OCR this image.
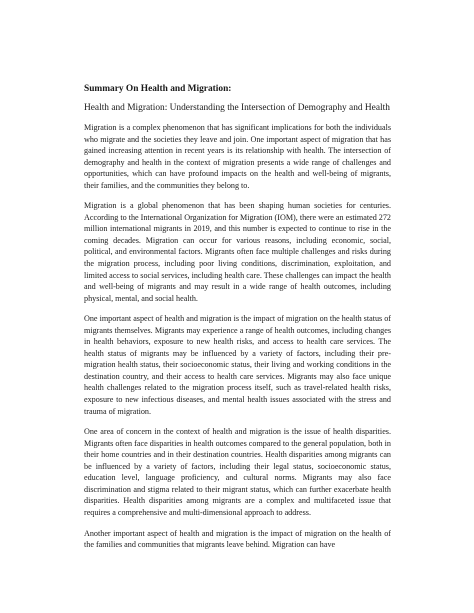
Summary On Health and Migration:
Health and Migration: Understanding the Intersection of Demography and Health

Migration is a complex phenomenon that has significant implications for both the individuals who migrate and the societies they leave and join. One important aspect of migration that has gained increasing attention in recent years is its relationship with health. The intersection of demography and health in the context of migration presents a wide range of challenges and opportunities, which can have profound impacts on the health and well-being of migrants, their families, and the communities they belong to.

Migration is a global phenomenon that has been shaping human societies for centuries. According to the International Organization for Migration (IOM), there were an estimated 272 million international migrants in 2019, and this number is expected to continue to rise in the coming decades. Migration can occur for various reasons, including economic, social, political, and environmental factors. Migrants often face multiple challenges and risks during the migration process, including poor living conditions, discrimination, exploitation, and limited access to social services, including health care. These challenges can impact the health and well-being of migrants and may result in a wide range of health outcomes, including physical, mental, and social health.

One important aspect of health and migration is the impact of migration on the health status of migrants themselves. Migrants may experience a range of health outcomes, including changes in health behaviors, exposure to new health risks, and access to health care services. The health status of migrants may be influenced by a variety of factors, including their pre-migration health status, their socioeconomic status, their living and working conditions in the destination country, and their access to health care services. Migrants may also face unique health challenges related to the migration process itself, such as travel-related health risks, exposure to new infectious diseases, and mental health issues associated with the stress and trauma of migration.

One area of concern in the context of health and migration is the issue of health disparities. Migrants often face disparities in health outcomes compared to the general population, both in their home countries and in their destination countries. Health disparities among migrants can be influenced by a variety of factors, including their legal status, socioeconomic status, education level, language proficiency, and cultural norms. Migrants may also face discrimination and stigma related to their migrant status, which can further exacerbate health disparities. Health disparities among migrants are a complex and multifaceted issue that requires a comprehensive and multi-dimensional approach to address.

Another important aspect of health and migration is the impact of migration on the health of the families and communities that migrants leave behind. Migration can have
